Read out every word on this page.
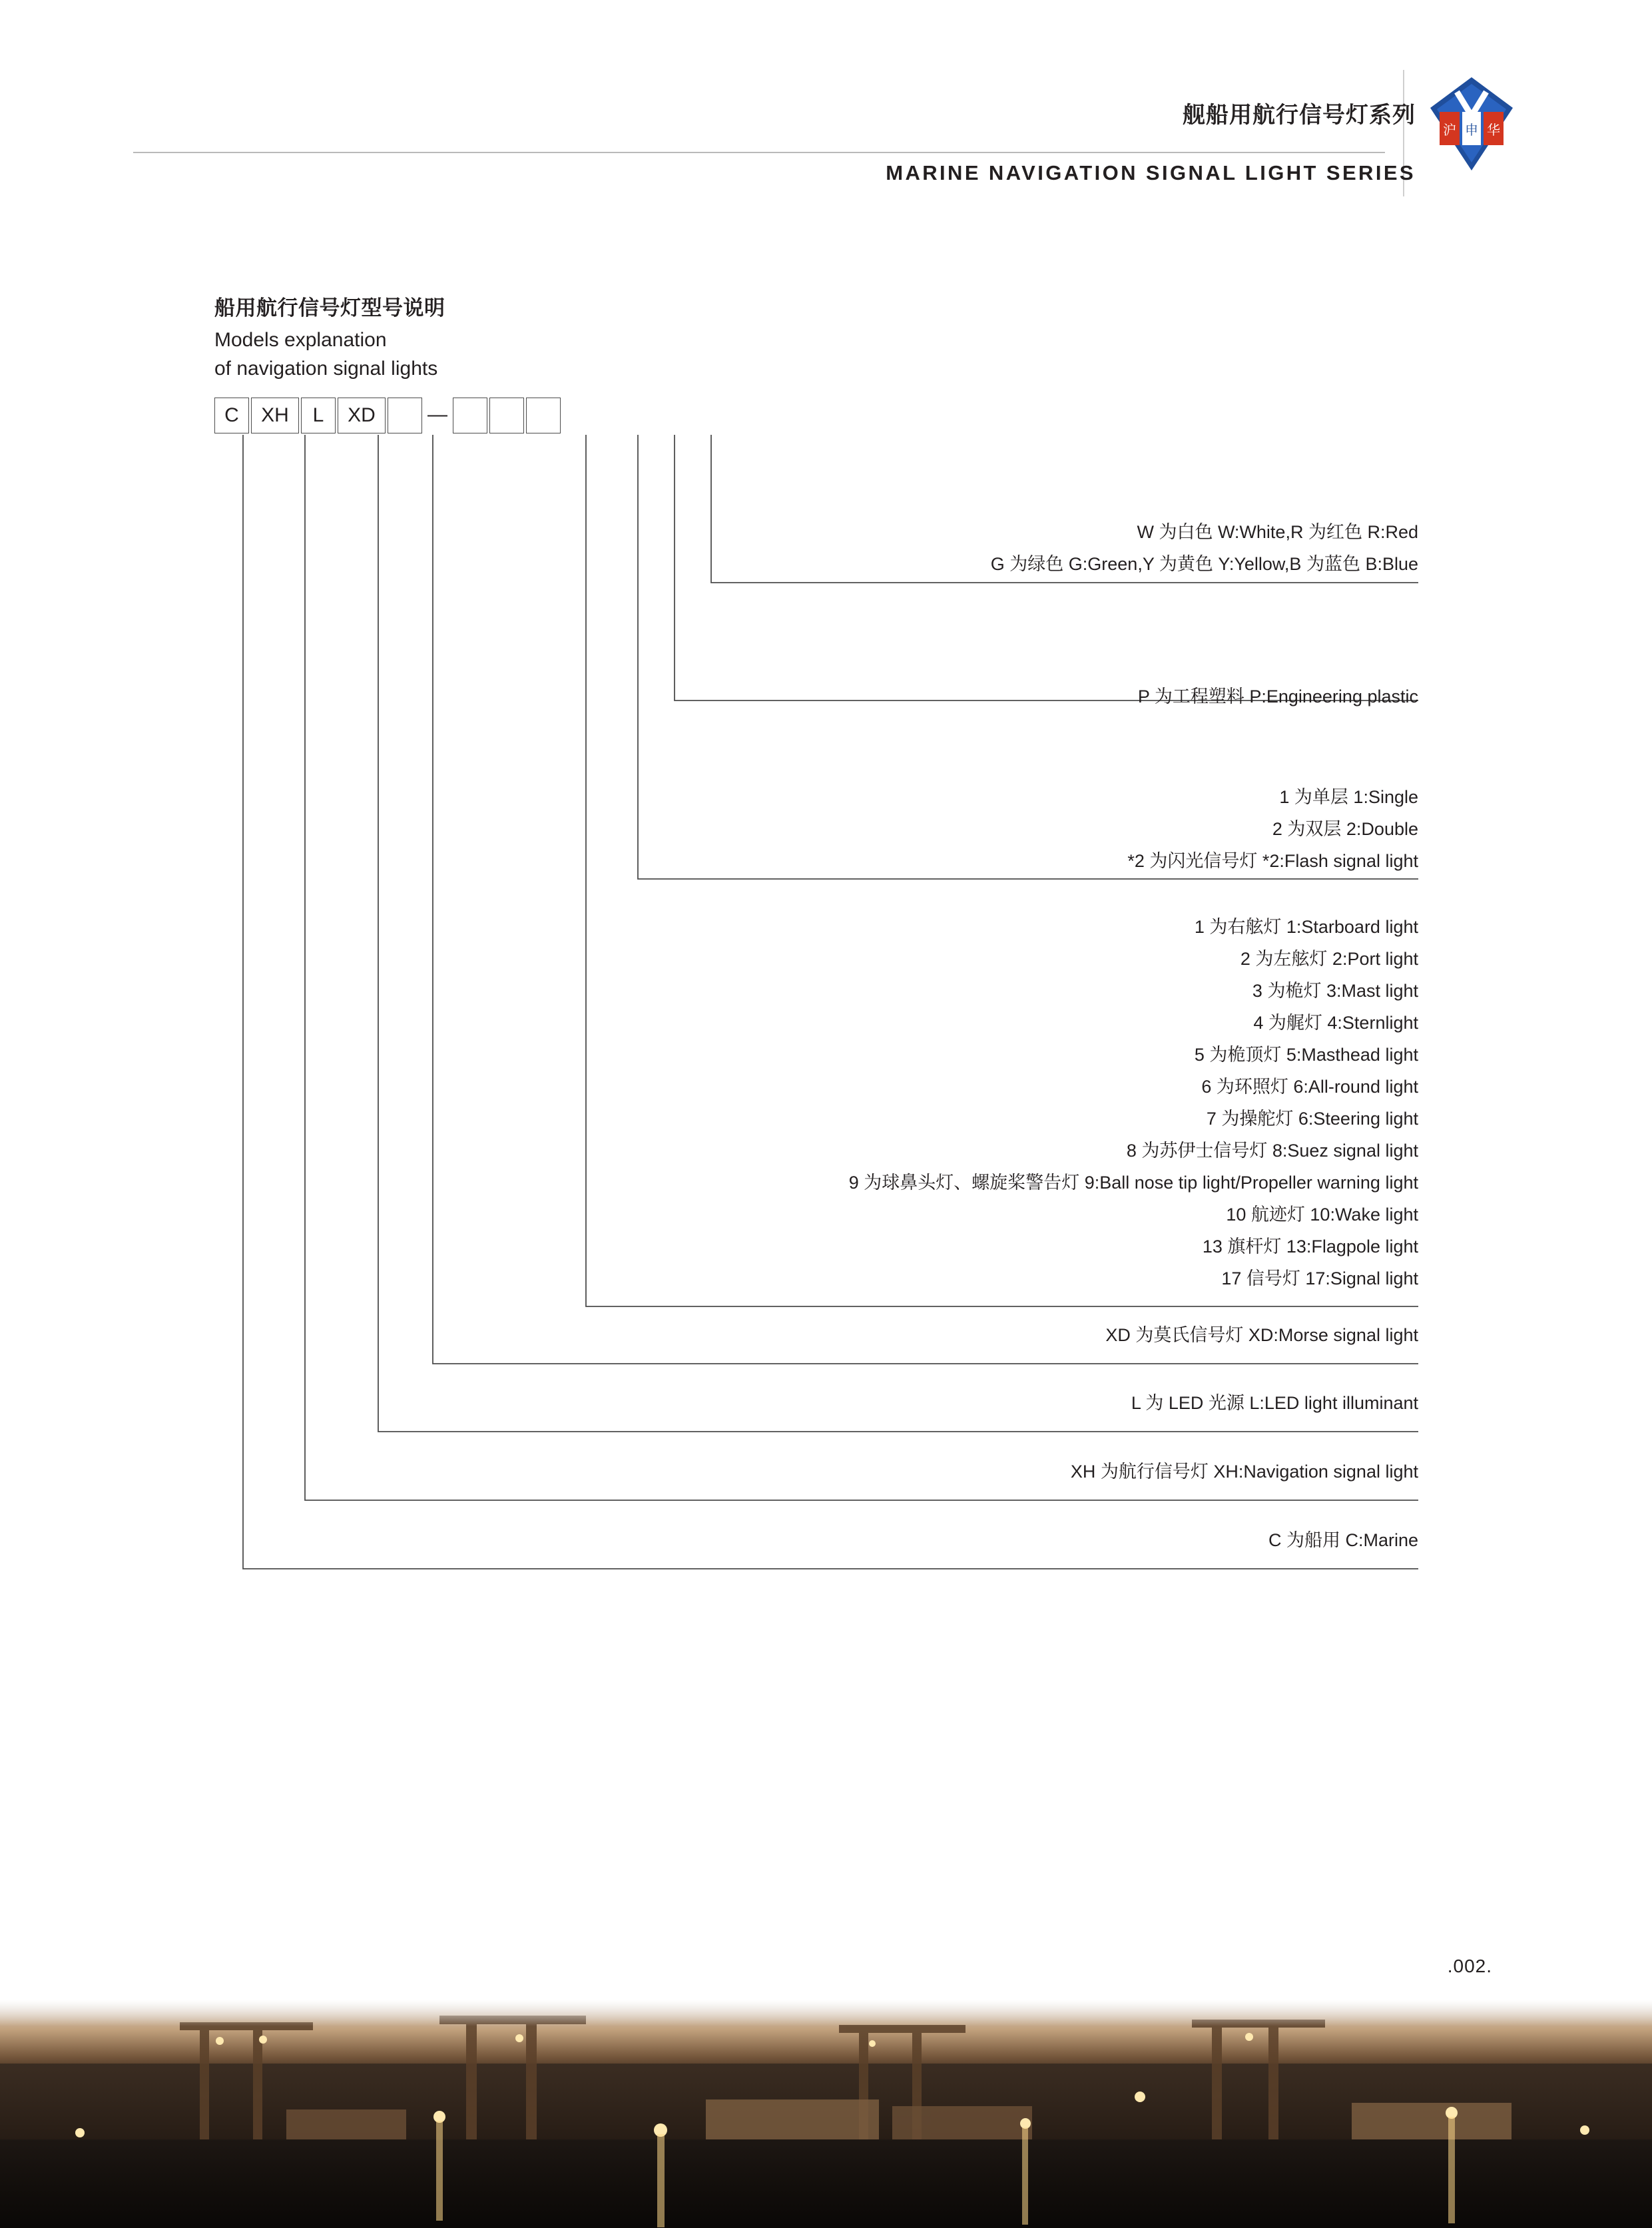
舰船用航行信号灯系列
MARINE NAVIGATION SIGNAL LIGHT SERIES
沪 申 华
船用航行信号灯型号说明
Models explanation
of navigation signal lights
C	XH	L	XD	—
W 为白色 W:White,R 为红色 R:Red
G 为绿色 G:Green,Y 为黄色 Y:Yellow,B 为蓝色 B:Blue
P 为工程塑料 P:Engineering plastic
1 为单层 1:Single
2 为双层 2:Double
*2 为闪光信号灯 *2:Flash signal light
1 为右舷灯 1:Starboard light
2 为左舷灯 2:Port light
3 为桅灯 3:Mast light
4 为艉灯 4:Sternlight
5 为桅顶灯 5:Masthead light
6 为环照灯 6:All-round light
7 为操舵灯 6:Steering light
8 为苏伊士信号灯 8:Suez signal light
9 为球鼻头灯、螺旋桨警告灯 9:Ball nose tip light/Propeller warning light
10 航迹灯 10:Wake light
13 旗杆灯 13:Flagpole light
17 信号灯 17:Signal light
XD 为莫氏信号灯 XD:Morse signal light
L 为 LED 光源 L:LED light illuminant
XH 为航行信号灯 XH:Navigation signal light
C 为船用 C:Marine
.002.
